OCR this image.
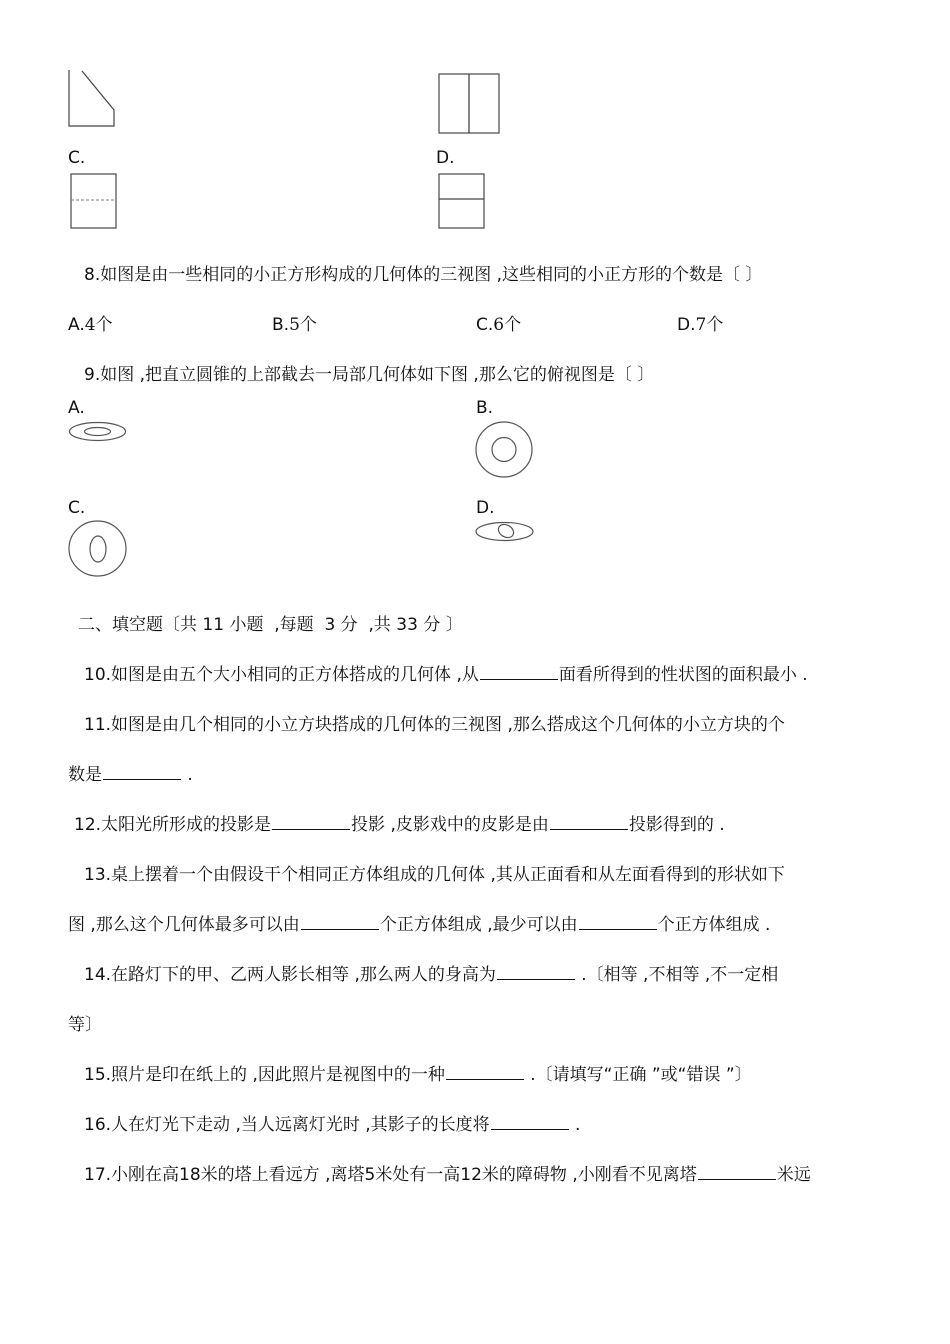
C.	D.
8.如图是由一些相同的小正方形构成的几何体的三视图 ,这些相同的小正方形的个数是〔 〕
A.4个	B.5个	C.6个	D.7个
9.如图 ,把直立圆锥的上部截去一局部几何体如下图 ,那么它的俯视图是〔 〕
A.	B.
C.	D.
二、填空题〔共 11 小题  ,每题  3 分  ,共 33 分 〕
10.如图是由五个大小相同的正方体搭成的几何体 ,从	面看所得到的性状图的面积最小 .
11.如图是由几个相同的小立方块搭成的几何体的三视图 ,那么搭成这个几何体的小立方块的个
数是	.
12.太阳光所形成的投影是	投影 ,皮影戏中的皮影是由	投影得到的 .
13.桌上摆着一个由假设干个相同正方体组成的几何体 ,其从正面看和从左面看得到的形状如下
图 ,那么这个几何体最多可以由	个正方体组成 ,最少可以由	个正方体组成 .
14.在路灯下的甲、乙两人影长相等 ,那么两人的身高为	.〔相等 ,不相等 ,不一定相
等〕
15.照片是印在纸上的 ,因此照片是视图中的一种	.〔请填写“正确 ”或“错误 ”〕
16.人在灯光下走动 ,当人远离灯光时 ,其影子的长度将	.
17.小刚在高18米的塔上看远方 ,离塔5米处有一高12米的障碍物 ,小刚看不见离塔	米远
